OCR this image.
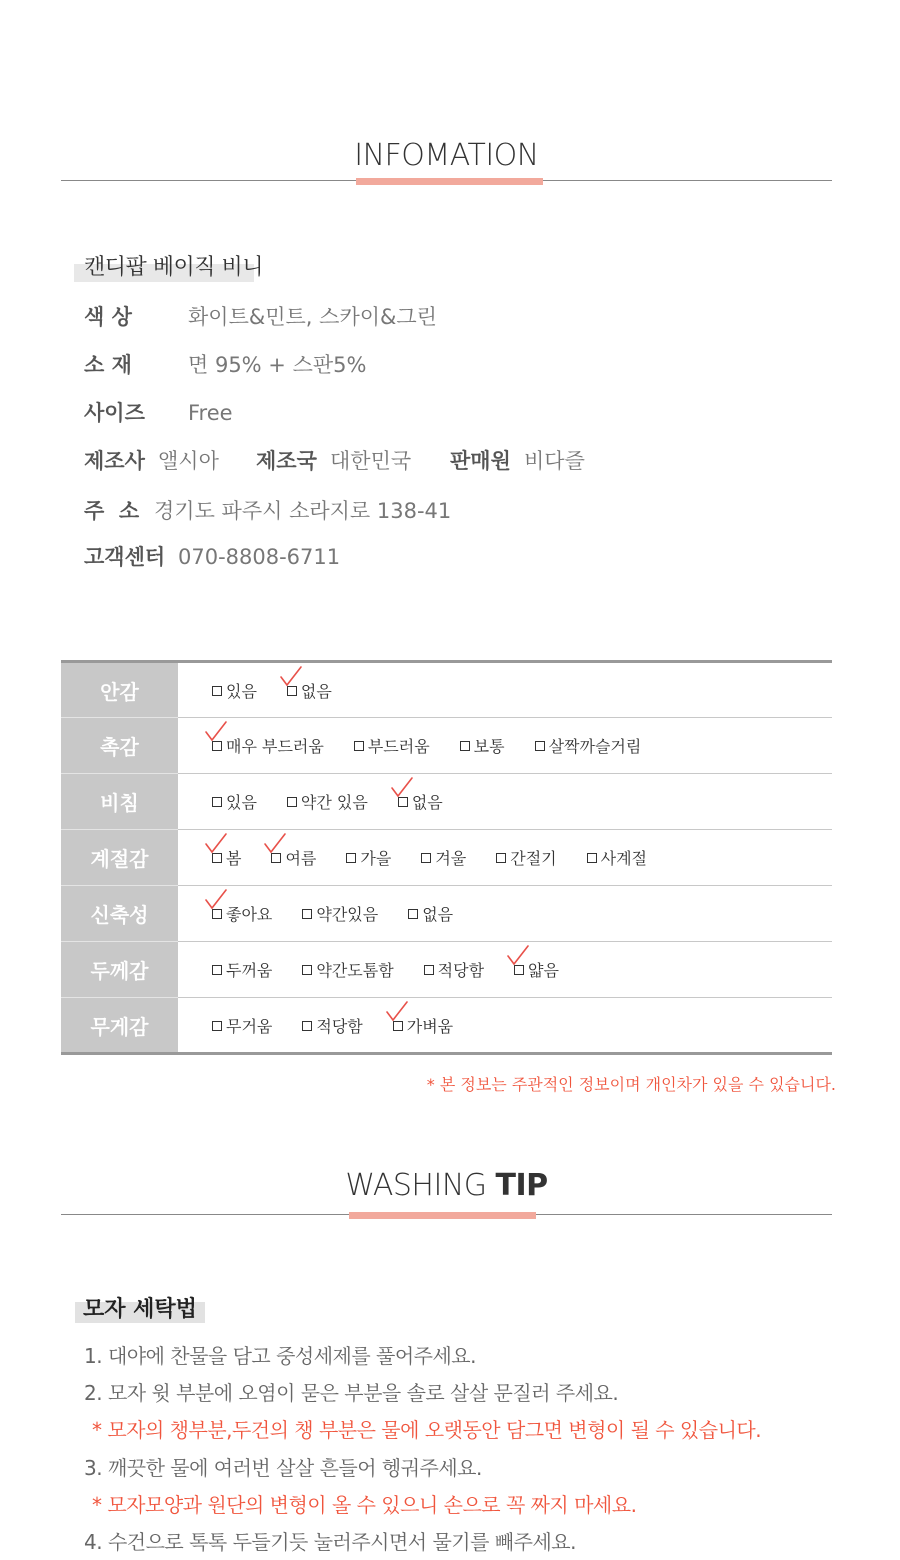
INFOMATION
캔디팝 베이직 비니
색 상	화이트&민트, 스카이&그린
소 재	면 95% + 스판5%
사이즈 Free
제조사 앨시아 제조국 대한민국 판매원 비다즐
주  소 경기도 파주시 소라지로 138-41
고객센터 070-8808-6711
안감	있음 없음

촉감	매우 부드러움 부드러움 보통 살짝까슬거림
비침	있음 약간 있음 없음

계절감	봄 여름 가을 겨울 간절기 사계절
신축성	좋아요 약간있음 없음
두께감	두꺼움 약간도톰함 적당함 얇음

무게감	무거움 적당함 가벼움
* 본 정보는 주관적인 정보이며 개인차가 있을 수 있습니다.
WASHING TIP
모자 세탁법
1. 대야에 찬물을 담고 중성세제를 풀어주세요.
2. 모자 윗 부분에 오염이 묻은 부분을 솔로 살살 문질러 주세요.
* 모자의 챙부분,두건의 챙 부분은 물에 오랫동안 담그면 변형이 될 수 있습니다.
3. 깨끗한 물에 여러번 살살 흔들어 헹궈주세요.
* 모자모양과 원단의 변형이 올 수 있으니 손으로 꼭 짜지 마세요.
4. 수건으로 톡톡 두들기듯 눌러주시면서 물기를 빼주세요.
